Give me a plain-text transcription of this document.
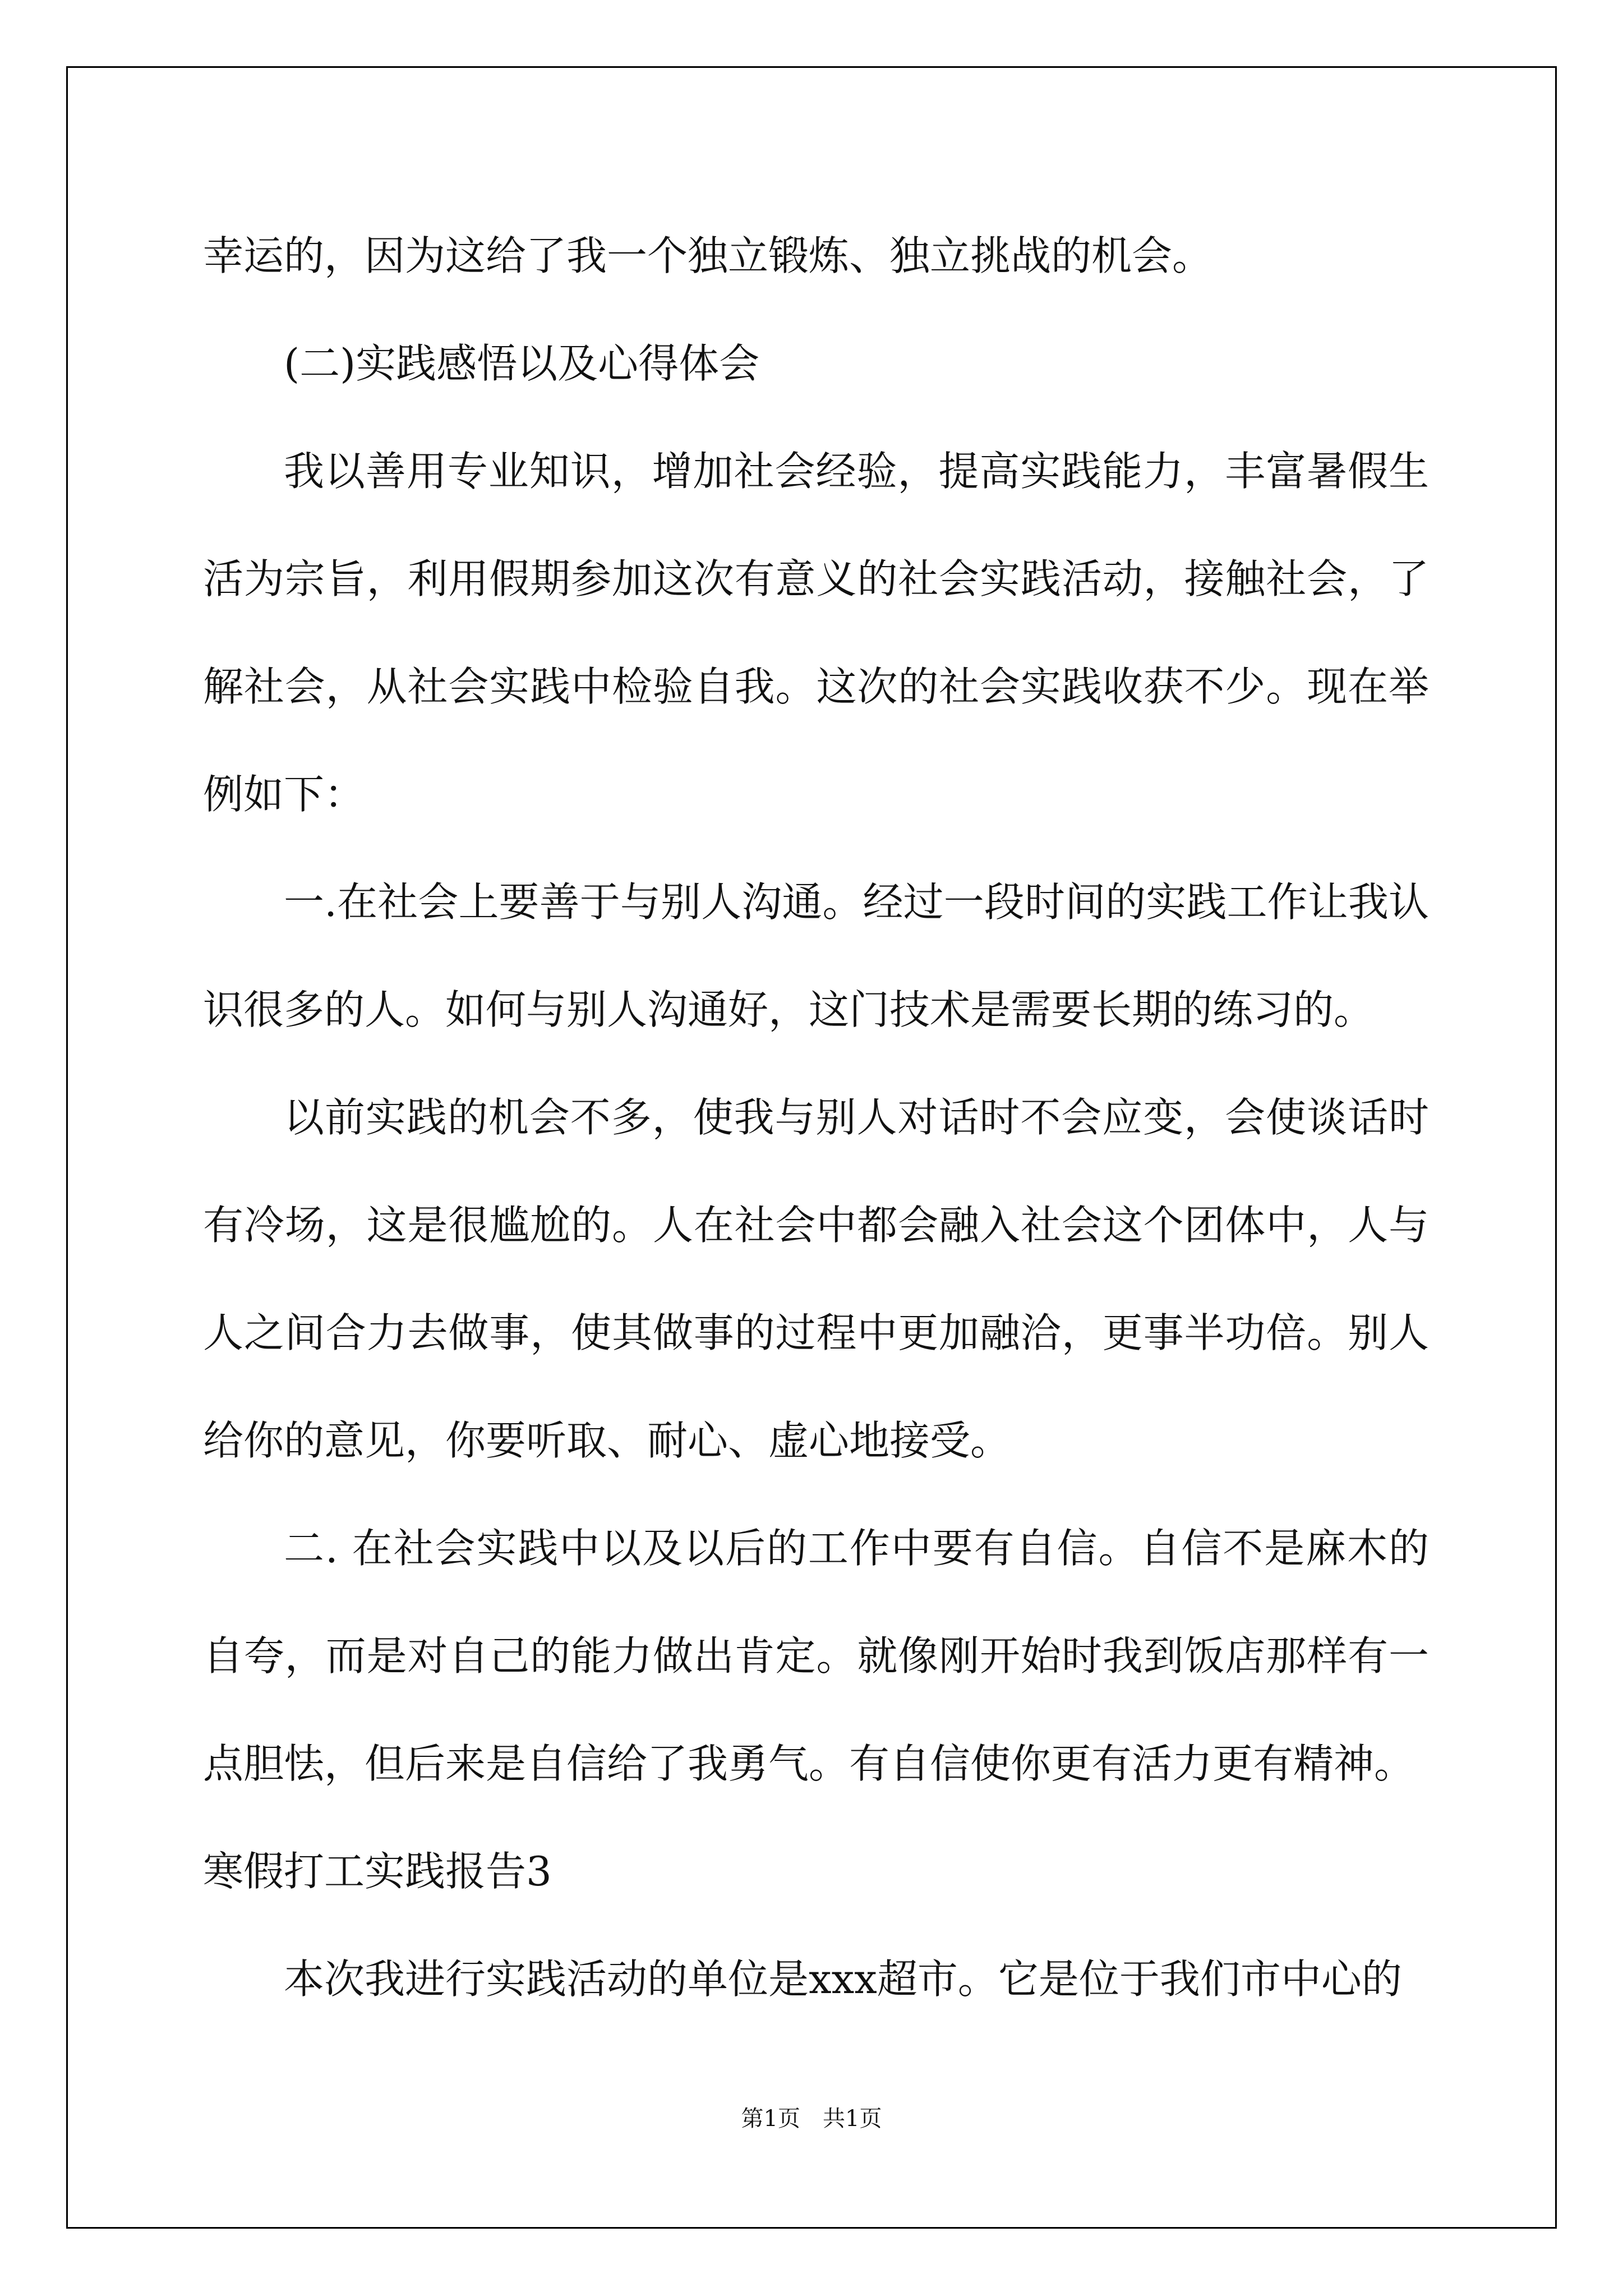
幸运的，因为这给了我一个独立锻炼、独立挑战的机会。

(二)实践感悟以及心得体会

我以善用专业知识，增加社会经验，提高实践能力，丰富暑假生活为宗旨，利用假期参加这次有意义的社会实践活动，接触社会，了解社会，从社会实践中检验自我。这次的社会实践收获不少。现在举例如下：

一.在社会上要善于与别人沟通。经过一段时间的实践工作让我认识很多的人。如何与别人沟通好，这门技术是需要长期的练习的。

以前实践的机会不多，使我与别人对话时不会应变，会使谈话时有冷场，这是很尴尬的。人在社会中都会融入社会这个团体中，人与人之间合力去做事，使其做事的过程中更加融洽，更事半功倍。别人给你的意见，你要听取、耐心、虚心地接受。

二. 在社会实践中以及以后的工作中要有自信。自信不是麻木的自夸，而是对自己的能力做出肯定。就像刚开始时我到饭店那样有一点胆怯，但后来是自信给了我勇气。有自信使你更有活力更有精神。

寒假打工实践报告3

本次我进行实践活动的单位是xxx超市。它是位于我们市中心的

第1页　共1页
